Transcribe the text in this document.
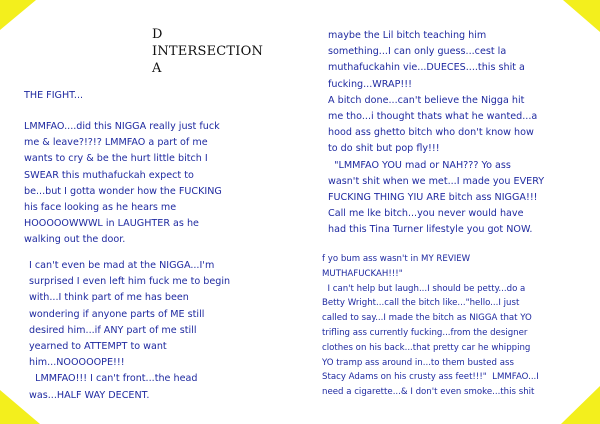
D
INTERSECTION
A
THE FIGHT...
LMMFAO....did this NIGGA really just fuck
me & leave?!?!? LMMFAO a part of me
wants to cry & be the hurt little bitch I
SWEAR this muthafuckah expect to
be...but I gotta wonder how the FUCKING
his face looking as he hears me
HOOOOOWWWL in LAUGHTER as he
walking out the door.
I can't even be mad at the NIGGA...I'm
surprised I even left him fuck me to begin
with...I think part of me has been
wondering if anyone parts of ME still
desired him...if ANY part of me still
yearned to ATTEMPT to want
him...NOOOOOPE!!!
LMMFAO!!! I can't front...the head
was...HALF WAY DECENT.
maybe the Lil bitch teaching him
something...I can only guess...cest la
muthafuckahin vie...DUECES....this shit a
fucking...WRAP!!!
A bitch done...can't believe the Nigga hit
me tho...i thought thats what he wanted...a
hood ass ghetto bitch who don't know how
to do shit but pop fly!!!
"LMMFAO YOU mad or NAH??? Yo ass
wasn't shit when we met...I made you EVERY
FUCKING THING YIU ARE bitch ass NIGGA!!!
Call me lke bitch...you never would have
had this Tina Turner lifestyle you got NOW.
f yo bum ass wasn't in MY REVIEW
MUTHAFUCKAH!!!"
I can't help but laugh...I should be petty...do a
Betty Wright...call the bitch like..."hello...I just
called to say...I made the bitch as NIGGA that YO
trifling ass currently fucking...from the designer
clothes on his back...that pretty car he whipping
YO tramp ass around in...to them busted ass
Stacy Adams on his crusty ass feet!!!"  LMMFAO...I
need a cigarette...& I don't even smoke...this shit
